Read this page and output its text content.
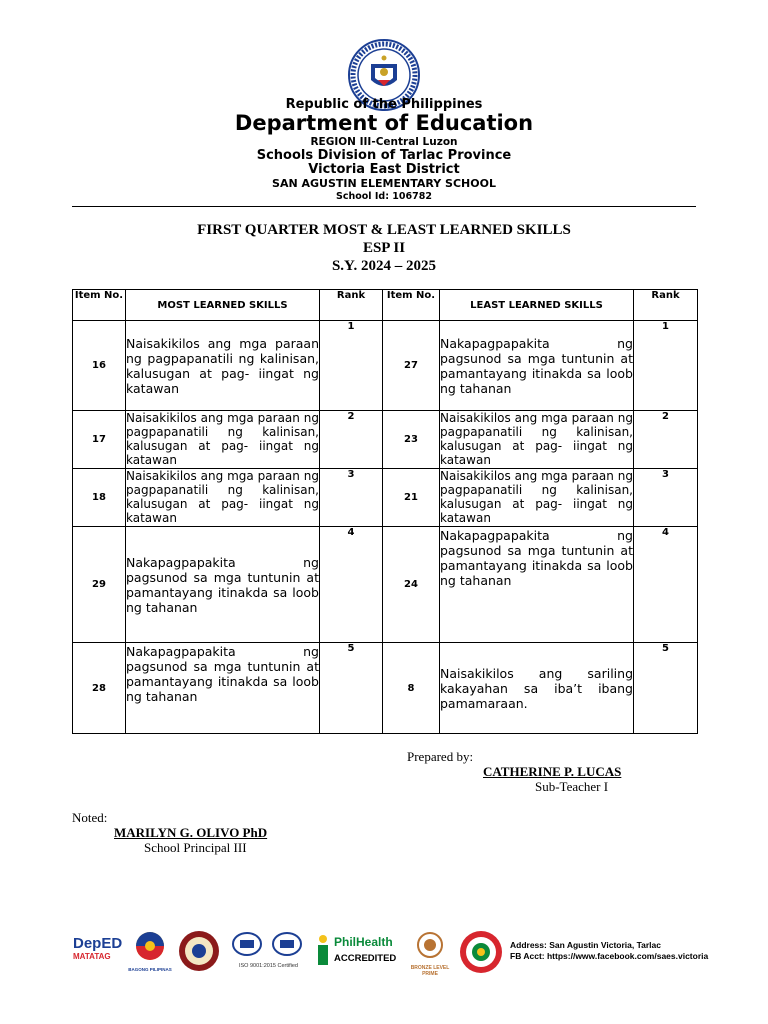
Republic of the Philippines
Department of Education
REGION III-Central Luzon
Schools Division of Tarlac Province
Victoria East District
SAN AGUSTIN ELEMENTARY SCHOOL
School Id: 106782
FIRST QUARTER MOST & LEAST LEARNED SKILLS
ESP II
S.Y. 2024 – 2025
Item No.	MOST LEARNED SKILLS	Rank	Item No.	LEAST LEARNED SKILLS	Rank
16	Naisakikilos ang mga paraan ng pagpapanatili ng kalinisan, kalusugan at pag- iingat ng katawan	1	27	Nakapagpapakita ng pagsunod sa mga tuntunin at pamantayang itinakda sa loob ng tahanan	1
17	Naisakikilos ang mga paraan ng pagpapanatili ng kalinisan, kalusugan at pag- iingat ng katawan	2	23	Naisakikilos ang mga paraan ng pagpapanatili ng kalinisan, kalusugan at pag- iingat ng katawan	2
18	Naisakikilos ang mga paraan ng pagpapanatili ng kalinisan, kalusugan at pag- iingat ng katawan	3	21	Naisakikilos ang mga paraan ng pagpapanatili ng kalinisan, kalusugan at pag- iingat ng katawan	3
29	Nakapagpapakita ng pagsunod sa mga tuntunin at pamantayang itinakda sa loob ng tahanan	4	24	Nakapagpapakita ng pagsunod sa mga tuntunin at pamantayang itinakda sa loob ng tahanan	4
28	Nakapagpapakita ng pagsunod sa mga tuntunin at pamantayang itinakda sa loob ng tahanan	5	8	Naisakikilos ang sariling kakayahan sa iba’t ibang pamamaraan.	5
Prepared by:
CATHERINE P. LUCAS
Sub-Teacher I
Noted:
MARILYN G. OLIVO PhD
School Principal III
DepED
MATATAG
BAGONG PILIPINAS
ISO 9001:2015 Certified
PhilHealth
ACCREDITED
BRONZE LEVEL PRIME
Address: San Agustin Victoria, Tarlac
FB Acct: https://www.facebook.com/saes.victoria
